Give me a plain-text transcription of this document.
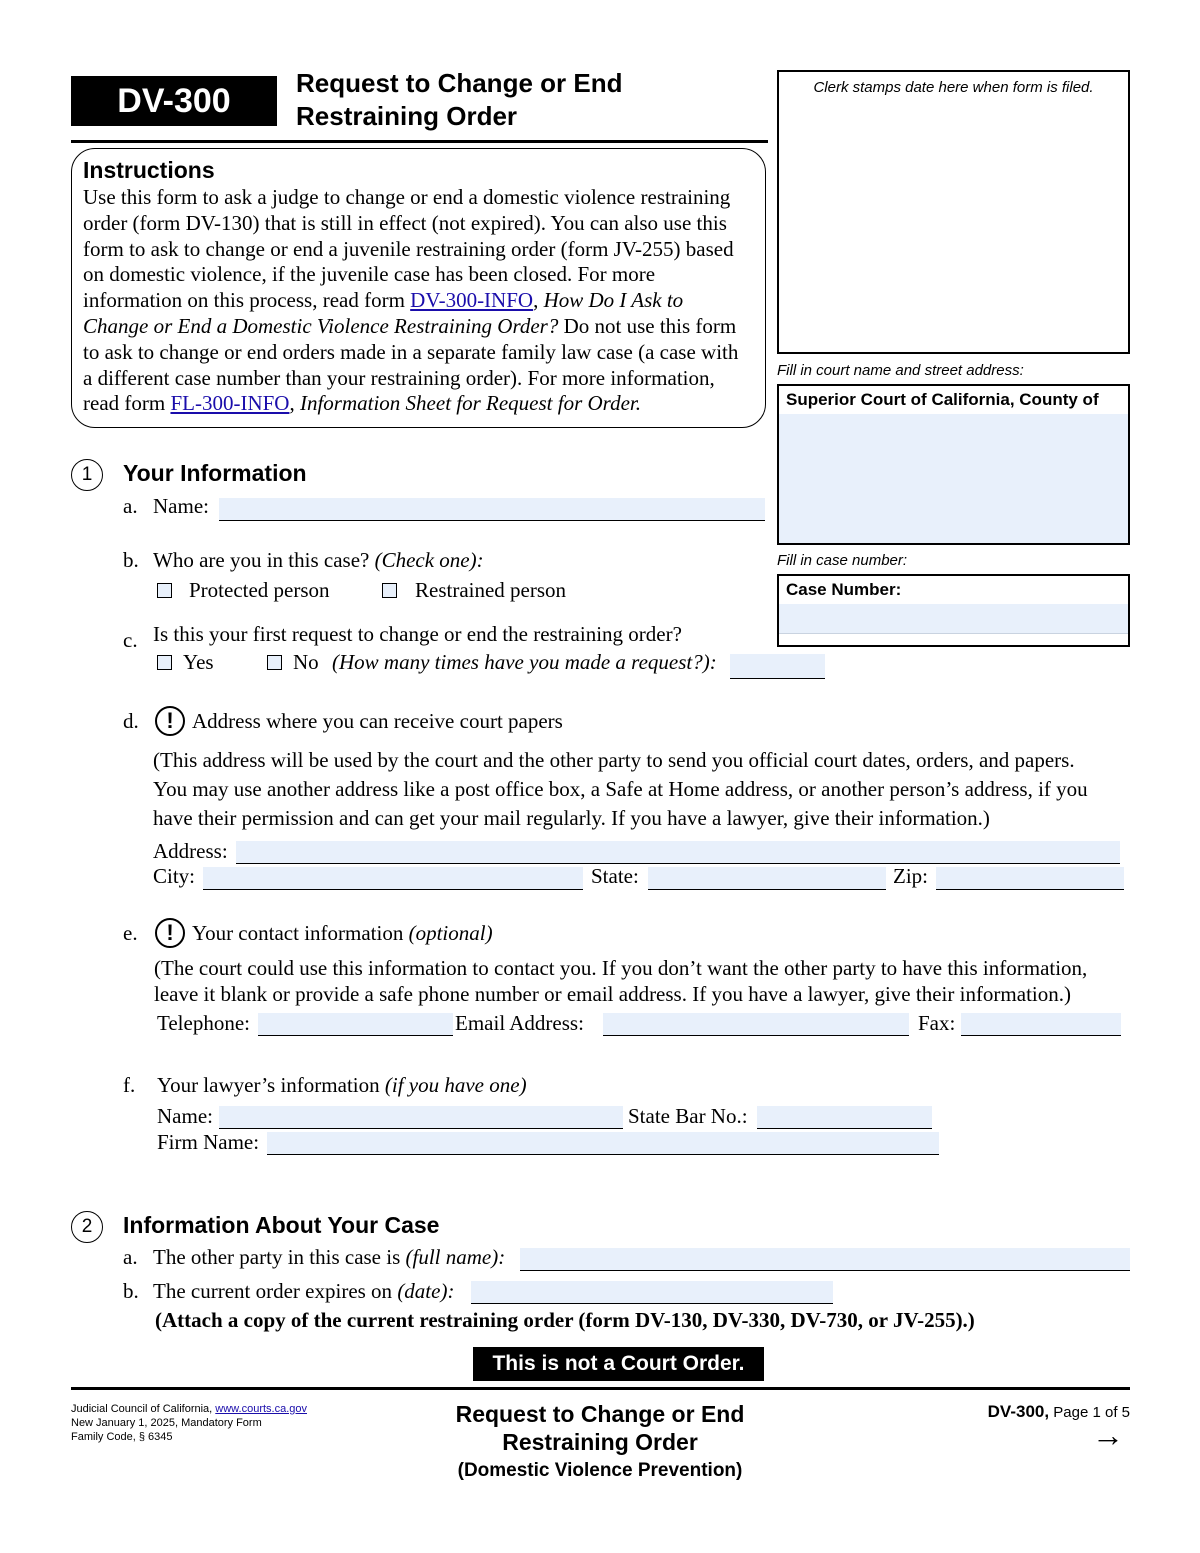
DV-300	Request to Change or End
Restraining Order
Clerk stamps date here when form is filed.
Fill in court name and street address:
Superior Court of California, County of
Fill in case number:
Case Number:
Instructions
Use this form to ask a judge to change or end a domestic violence restraining
order (form DV-130) that is still in effect (not expired). You can also use this
form to ask to change or end a juvenile restraining order (form JV-255) based
on domestic violence, if the juvenile case has been closed. For more
information on this process, read form DV-300-INFO, How Do I Ask to
Change or End a Domestic Violence Restraining Order? Do not use this form
to ask to change or end orders made in a separate family law case (a case with
a different case number than your restraining order). For more information,
read form FL-300-INFO, Information Sheet for Request for Order.
1	Your Information
a. Name:
b. Who are you in this case? (Check one):
Protected person	Restrained person
c. Is this your first request to change or end the restraining order?
Yes	No (How many times have you made a request?):
d.	! Address where you can receive court papers
(This address will be used by the court and the other party to send you official court dates, orders, and papers.
You may use another address like a post office box, a Safe at Home address, or another person’s address, if you
have their permission and can get your mail regularly. If you have a lawyer, give their information.)
Address:
City:	State:	Zip:
e.	! Your contact information (optional)
(The court could use this information to contact you. If you don’t want the other party to have this information,
leave it blank or provide a safe phone number or email address. If you have a lawyer, give their information.)
Telephone:	Email Address:	Fax:
f. Your lawyer’s information (if you have one)
Name:	State Bar No.:
Firm Name:
2	Information About Your Case
a. The other party in this case is (full name):
b. The current order expires on (date):
(Attach a copy of the current restraining order (form DV-130, DV-330, DV-730, or JV-255).)
This is not a Court Order.
Judicial Council of California, www.courts.ca.gov
New January 1, 2025, Mandatory Form
Family Code, § 6345
Request to Change or End
Restraining Order
(Domestic Violence Prevention)
DV-300, Page 1 of 5
→
